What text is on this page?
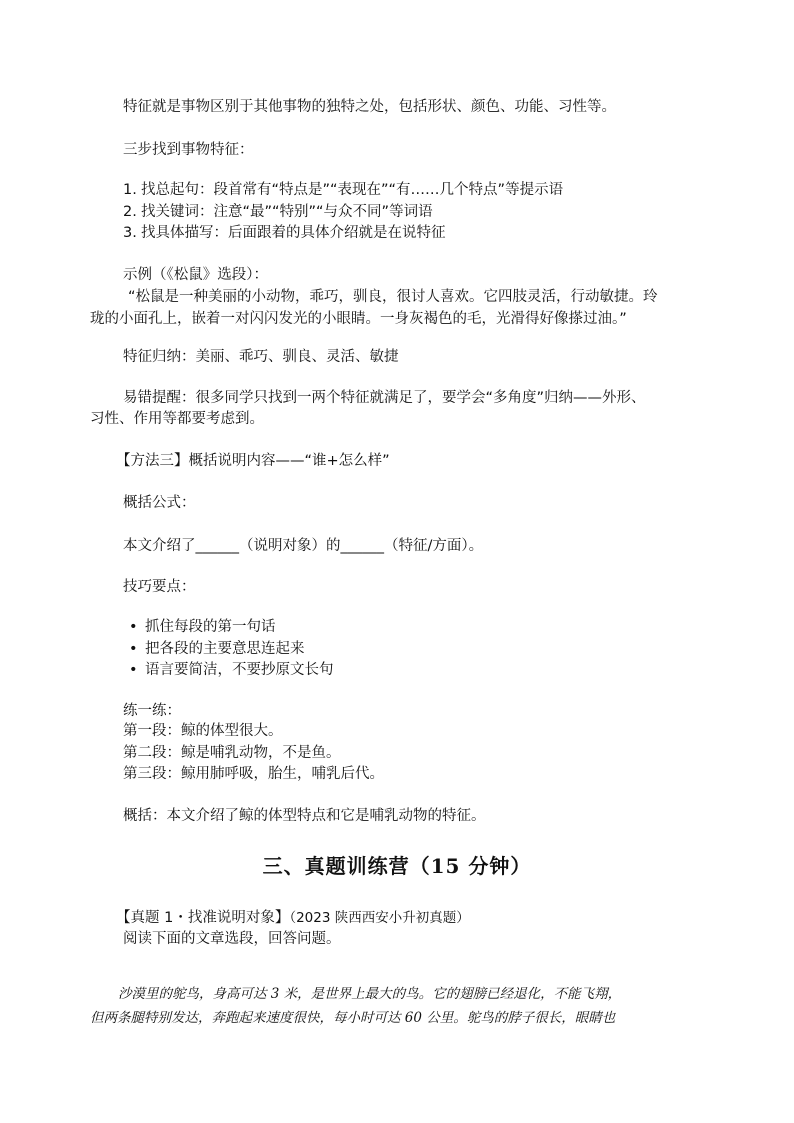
特征就是事物区别于其他事物的独特之处，包括形状、颜色、功能、习性等。

三步找到事物特征：

1. 找总起句：段首常有“特点是”“表现在”“有……几个特点”等提示语

2. 找关键词：注意“最”“特别”“与众不同”等词语

3. 找具体描写：后面跟着的具体介绍就是在说特征

示例（《松鼠》选段）：

“松鼠是一种美丽的小动物，乖巧，驯良，很讨人喜欢。它四肢灵活，行动敏捷。玲

珑的小面孔上，嵌着一对闪闪发光的小眼睛。一身灰褐色的毛，光滑得好像搽过油。”

特征归纳：美丽、乖巧、驯良、灵活、敏捷

易错提醒：很多同学只找到一两个特征就满足了，要学会“多角度”归纳——外形、

习性、作用等都要考虑到。

【方法三】概括说明内容——“谁+怎么样”

概括公式：

本文介绍了______（说明对象）的______（特征/方面）。

技巧要点：

• 抓住每段的第一句话

• 把各段的主要意思连起来

• 语言要简洁，不要抄原文长句

练一练：

第一段：鲸的体型很大。

第二段：鲸是哺乳动物，不是鱼。

第三段：鲸用肺呼吸，胎生，哺乳后代。

概括：本文介绍了鲸的体型特点和它是哺乳动物的特征。

三、真题训练营（15 分钟）

【真题 1・找准说明对象】（2023 陕西西安小升初真题）

阅读下面的文章选段，回答问题。

沙漠里的鸵鸟，身高可达 3 米，是世界上最大的鸟。它的翅膀已经退化，不能飞翔，

但两条腿特别发达，奔跑起来速度很快，每小时可达 60 公里。鸵鸟的脖子很长，眼睛也
